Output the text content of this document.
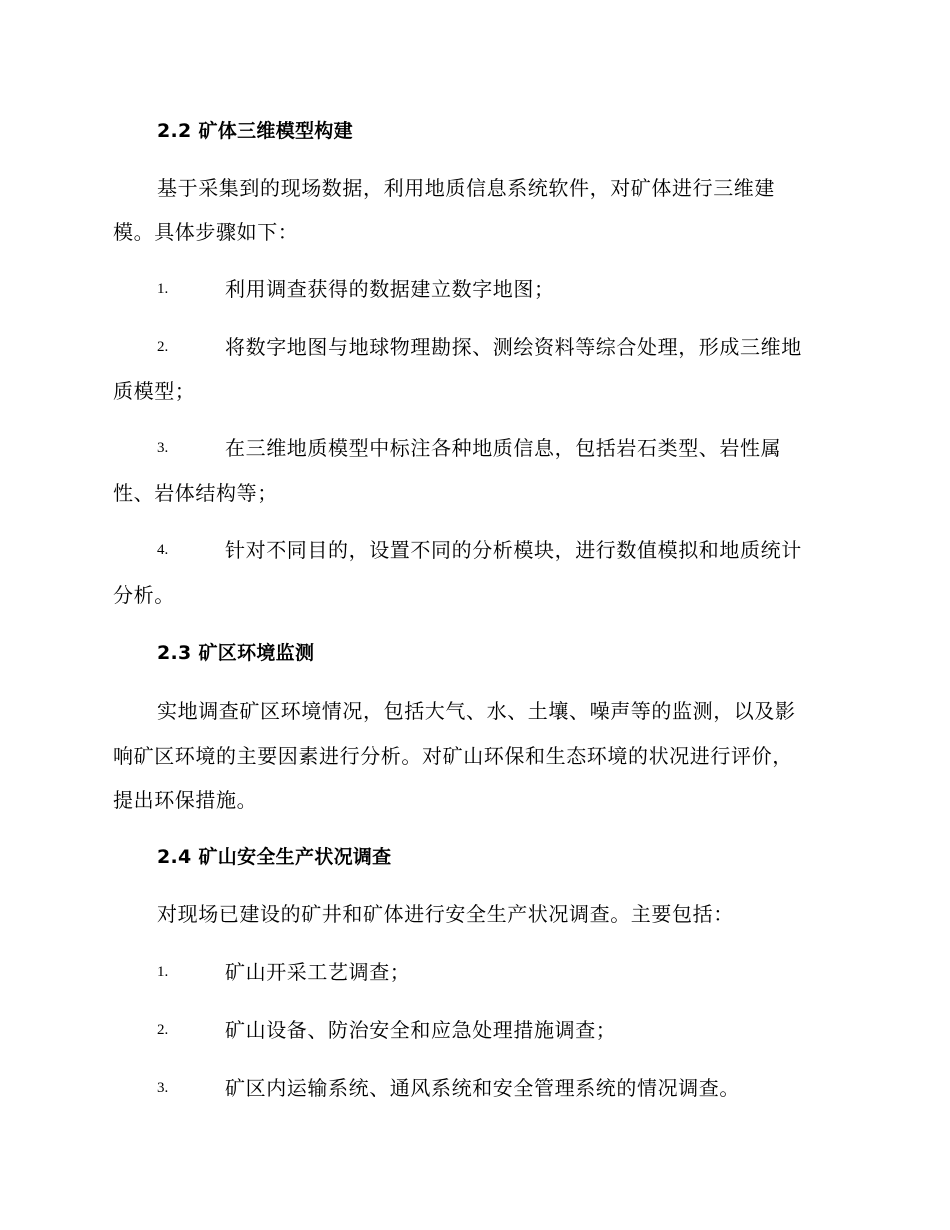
2.2 矿体三维模型构建
基于采集到的现场数据，利用地质信息系统软件，对矿体进行三维建
模。具体步骤如下：
1.	利用调查获得的数据建立数字地图；
2.	将数字地图与地球物理勘探、测绘资料等综合处理，形成三维地
质模型；
3.	在三维地质模型中标注各种地质信息，包括岩石类型、岩性属
性、岩体结构等；
4.	针对不同目的，设置不同的分析模块，进行数值模拟和地质统计
分析。
2.3 矿区环境监测
实地调查矿区环境情况，包括大气、水、土壤、噪声等的监测，以及影
响矿区环境的主要因素进行分析。对矿山环保和生态环境的状况进行评价，
提出环保措施。
2.4 矿山安全生产状况调查
对现场已建设的矿井和矿体进行安全生产状况调查。主要包括：
1.	矿山开采工艺调查；
2.	矿山设备、防治安全和应急处理措施调查；
3.	矿区内运输系统、通风系统和安全管理系统的情况调查。
